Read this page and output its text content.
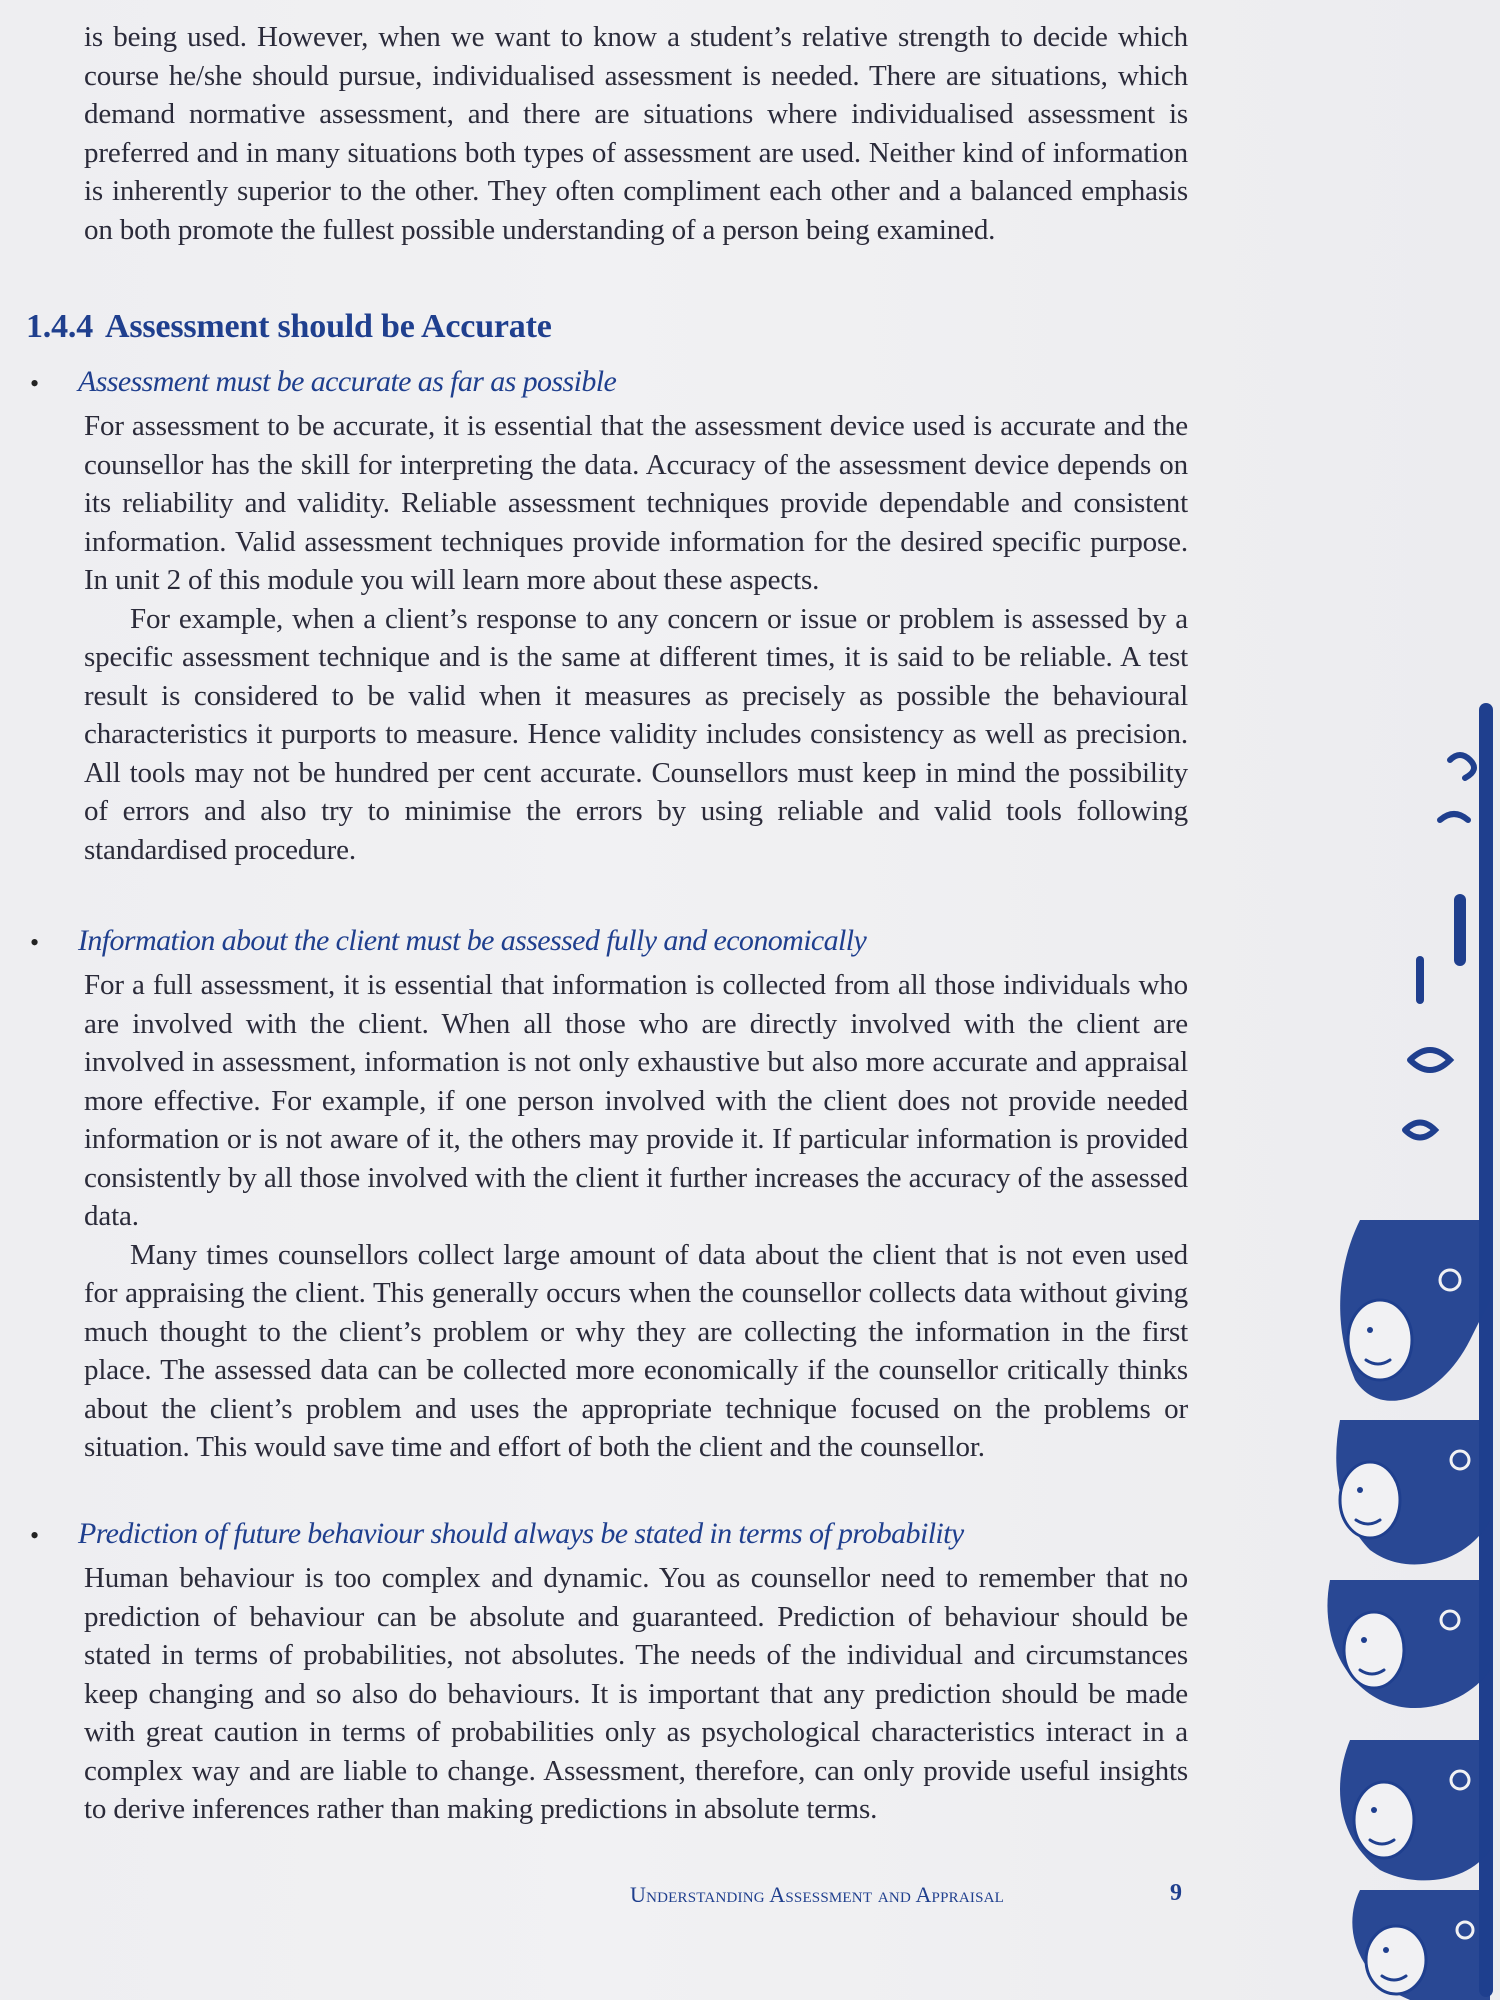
is being used. However, when we want to know a student’s relative strength to decide which course he/she should pursue, individualised assessment is needed. There are situations, which demand normative assessment, and there are situations where individualised assessment is preferred and in many situations both types of assessment are used. Neither kind of information is inherently superior to the other. They often compliment each other and a balanced emphasis on both promote the fullest possible understanding of a person being examined.

1.4.4 Assessment should be Accurate
• Assessment must be accurate as far as possible

For assessment to be accurate, it is essential that the assessment device used is accurate and the counsellor has the skill for interpreting the data. Accuracy of the assessment device depends on its reliability and validity. Reliable assessment techniques provide dependable and consistent information. Valid assessment techniques provide information for the desired specific purpose. In unit 2 of this module you will learn more about these aspects.

For example, when a client’s response to any concern or issue or problem is assessed by a specific assessment technique and is the same at different times, it is said to be reliable. A test result is considered to be valid when it measures as precisely as possible the behavioural characteristics it purports to measure. Hence validity includes consistency as well as precision. All tools may not be hundred per cent accurate. Counsellors must keep in mind the possibility of errors and also try to minimise the errors by using reliable and valid tools following standardised procedure.

• Information about the client must be assessed fully and economically

For a full assessment, it is essential that information is collected from all those individuals who are involved with the client. When all those who are directly involved with the client are involved in assessment, information is not only exhaustive but also more accurate and appraisal more effective. For example, if one person involved with the client does not provide needed information or is not aware of it, the others may provide it. If particular information is provided consistently by all those involved with the client it further increases the accuracy of the assessed data.

Many times counsellors collect large amount of data about the client that is not even used for appraising the client. This generally occurs when the counsellor collects data without giving much thought to the client’s problem or why they are collecting the information in the first place. The assessed data can be collected more economically if the counsellor critically thinks about the client’s problem and uses the appropriate technique focused on the problems or situation. This would save time and effort of both the client and the counsellor.

• Prediction of future behaviour should always be stated in terms of probability

Human behaviour is too complex and dynamic. You as counsellor need to remember that no prediction of behaviour can be absolute and guaranteed. Prediction of behaviour should be stated in terms of probabilities, not absolutes. The needs of the individual and circumstances keep changing and so also do behaviours. It is important that any prediction should be made with great caution in terms of probabilities only as psychological characteristics interact in a complex way and are liable to change. Assessment, therefore, can only provide useful insights to derive inferences rather than making predictions in absolute terms.

Understanding Assessment and Appraisal	9
